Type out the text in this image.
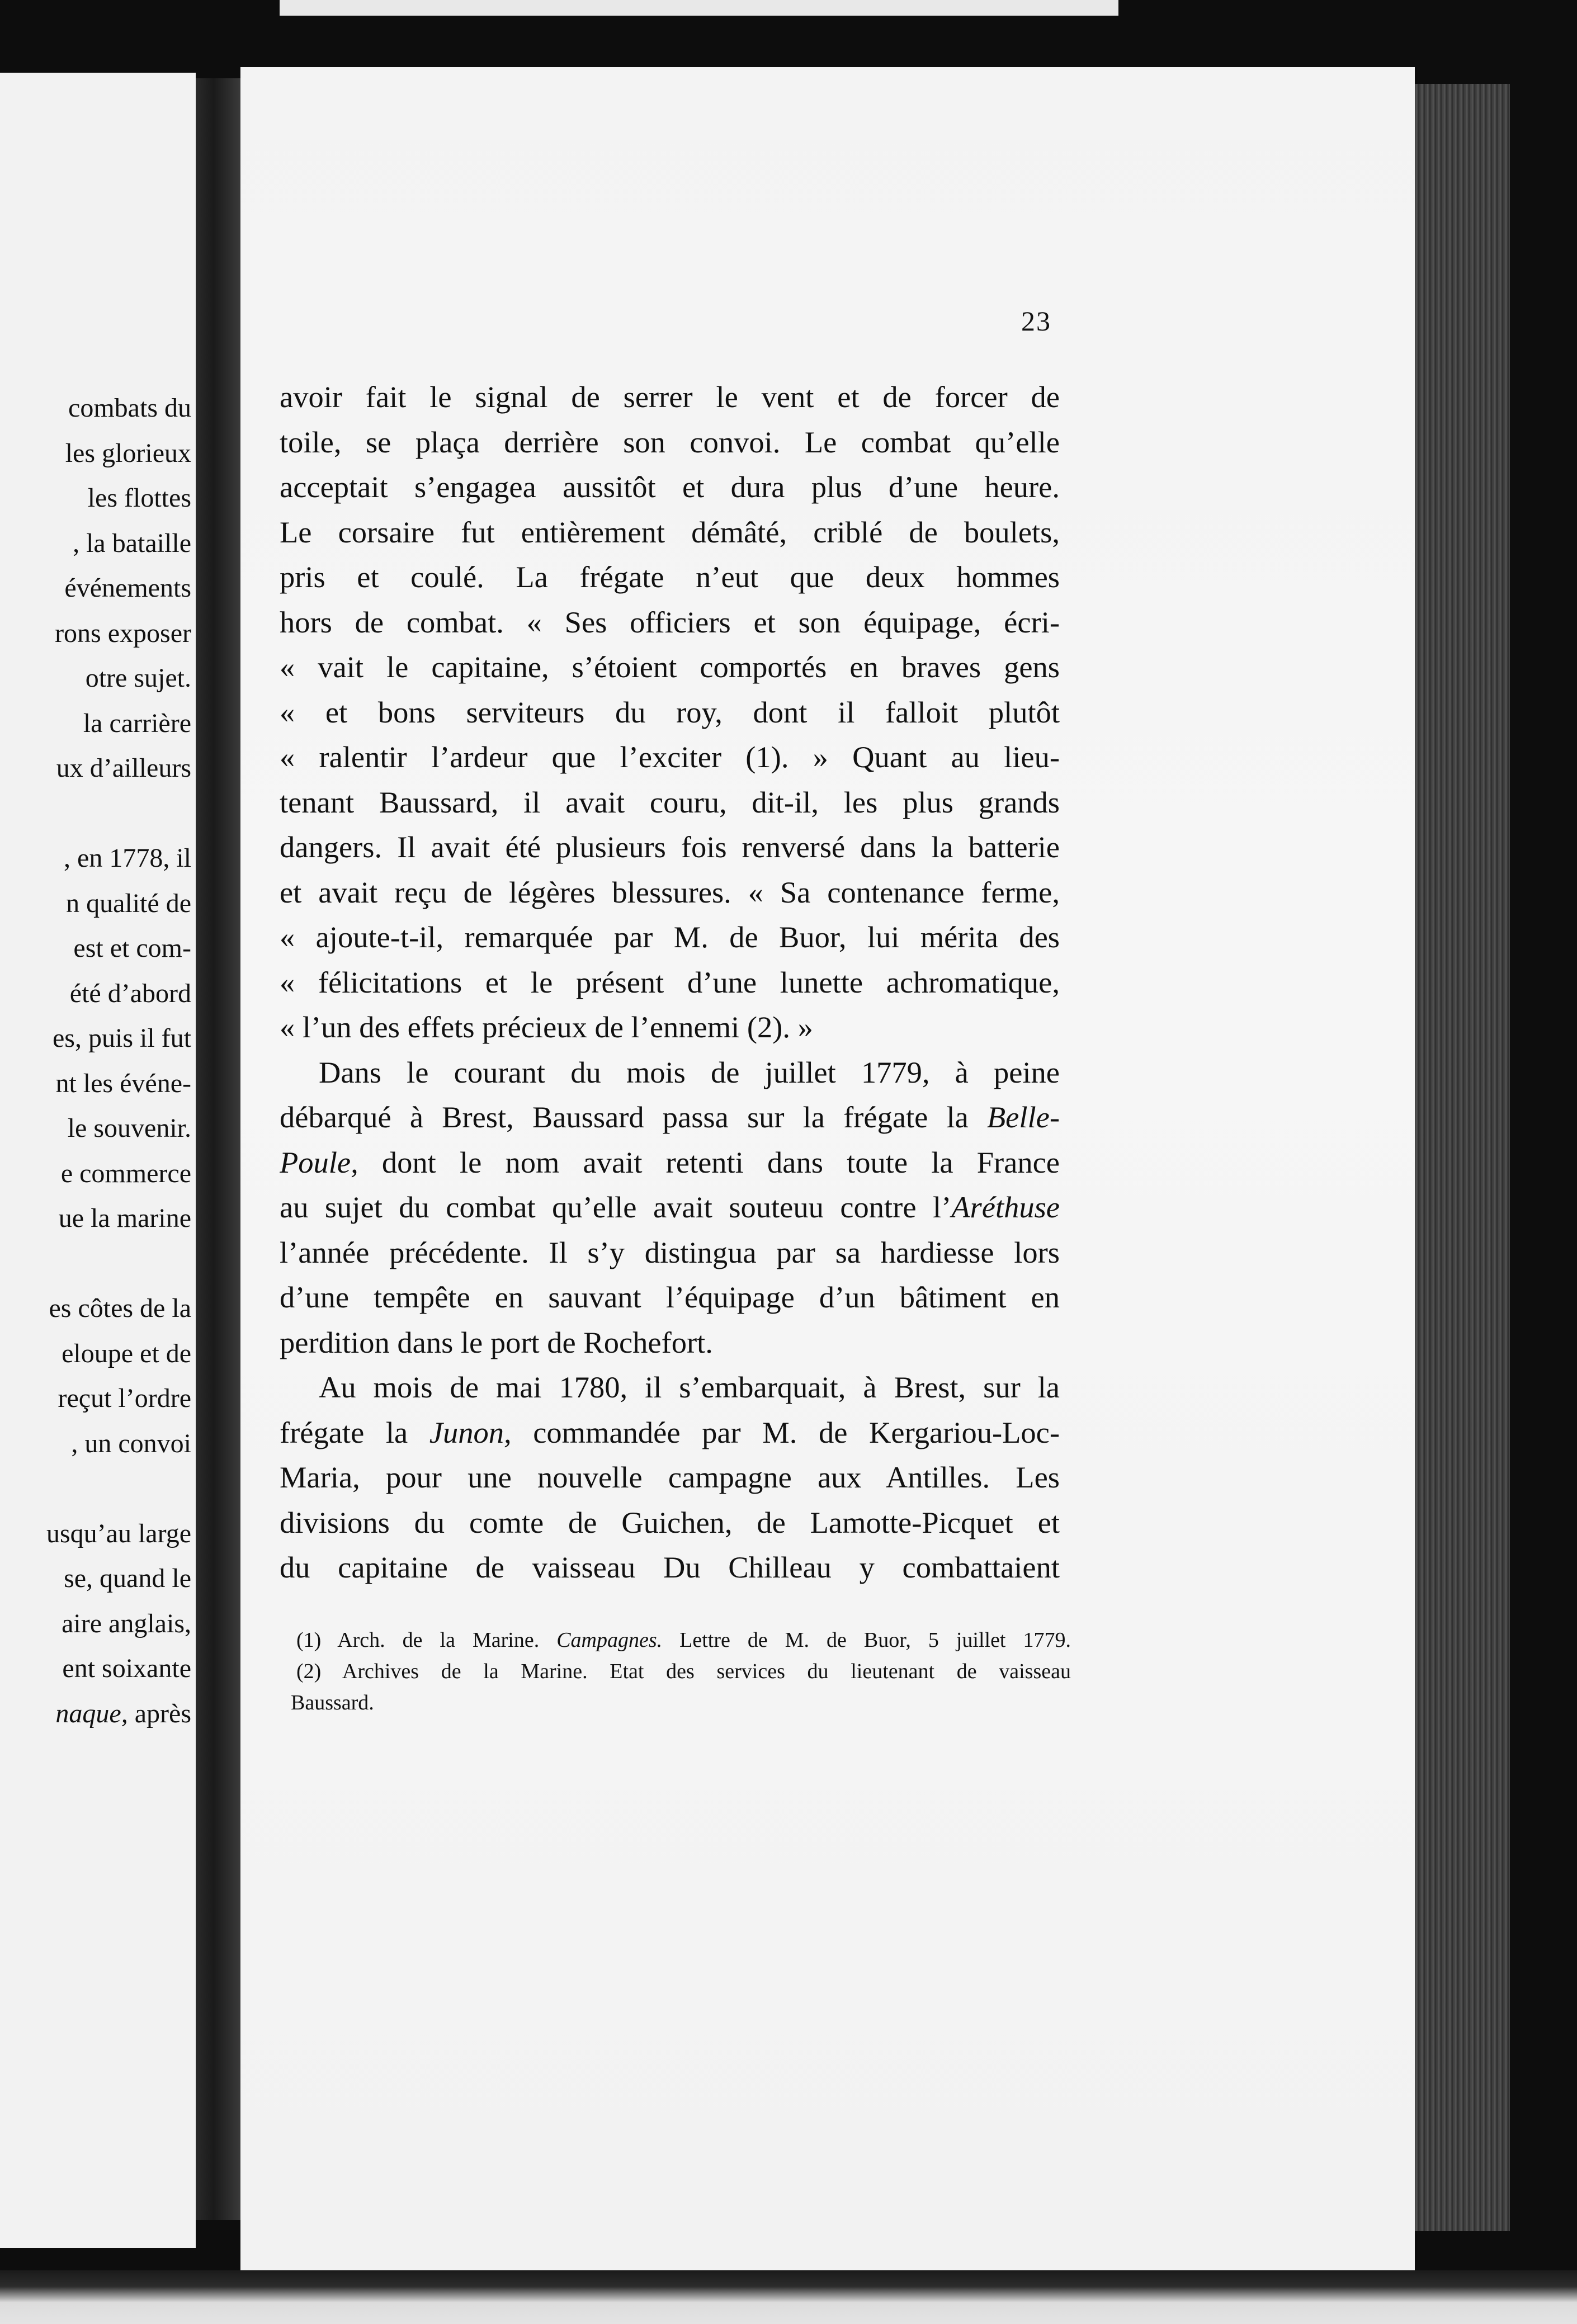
combats du
les glorieux
les flottes
, la bataille
événements
rons exposer
otre sujet.
la carrière
ux d’ailleurs
, en 1778, il
n qualité de
est et com-
été d’abord
es, puis il fut
nt les événe-
le souvenir.
e commerce
ue la marine
es côtes de la
eloupe et de
reçut l’ordre
, un convoi
usqu’au large
se, quand le
aire anglais,
ent soixante
naque, après
23
avoir fait le signal de serrer le vent et de forcer de
toile, se plaça derrière son convoi. Le combat qu’elle
acceptait s’engagea aussitôt et dura plus d’une heure.
Le corsaire fut entièrement démâté, criblé de boulets,
pris et coulé. La frégate n’eut que deux hommes
hors de combat. « Ses officiers et son équipage, écri-
« vait le capitaine, s’étoient comportés en braves gens
« et bons serviteurs du roy, dont il falloit plutôt
« ralentir l’ardeur que l’exciter (1). » Quant au lieu-
tenant Baussard, il avait couru, dit-il, les plus grands
dangers. Il avait été plusieurs fois renversé dans la batterie
et avait reçu de légères blessures. « Sa contenance ferme,
« ajoute-t-il, remarquée par M. de Buor, lui mérita des
« félicitations et le présent d’une lunette achromatique,
« l’un des effets précieux de l’ennemi (2). »
Dans le courant du mois de juillet 1779, à peine
débarqué à Brest, Baussard passa sur la frégate la Belle-
Poule, dont le nom avait retenti dans toute la France
au sujet du combat qu’elle avait souteuu contre l’Aréthuse
l’année précédente. Il s’y distingua par sa hardiesse lors
d’une tempête en sauvant l’équipage d’un bâtiment en
perdition dans le port de Rochefort.
Au mois de mai 1780, il s’embarquait, à Brest, sur la
frégate la Junon, commandée par M. de Kergariou-Loc-
Maria, pour une nouvelle campagne aux Antilles. Les
divisions du comte de Guichen, de Lamotte-Picquet et
du capitaine de vaisseau Du Chilleau y combattaient
(1) Arch. de la Marine. Campagnes. Lettre de M. de Buor, 5 juillet 1779.
(2) Archives de la Marine. Etat des services du lieutenant de vaisseau
Baussard.
